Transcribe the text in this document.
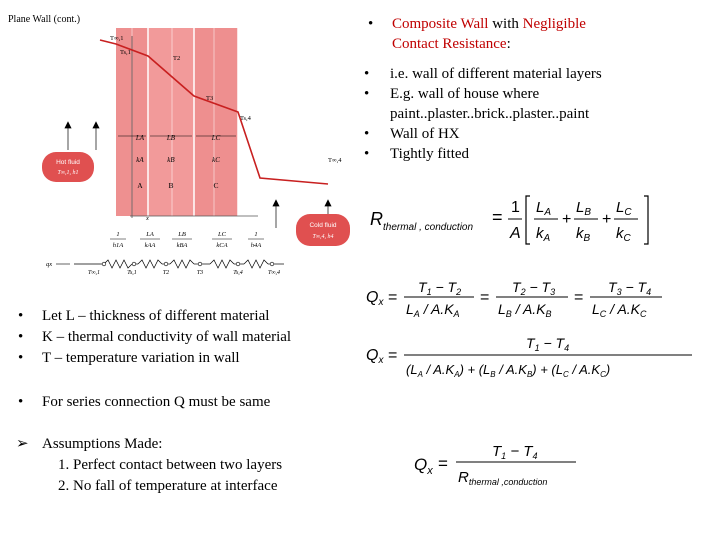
Plane Wall (cont.)	•	Composite Wall with Negligible
Contact Resistance:
• i.e. wall of different material layers
• E.g. wall of house where
paint..plaster..brick..plaster..paint
• Wall of HX
• Tightly fitted
T∞,1
Ts,1
T2
T3
Ts,4
T∞,4
LA	LB	LC
kA	kB	kC
A	B	C
Hot fluid
T∞,1, h1
Cold fluid
T∞,4, h4
x
1
h1A
LA
kAA
LB
kBA
LC
kCA
1
h4A
qx
T∞,1	Ts,1	T2	T3	Ts,4	T∞,4
R thermal , conduction
= 1
A
$L_A$
$k_A$
+
$L_B$
$k_B$
+
$L_C$
$k_C$
Qx =
$T_1 - T_2$
$L_A / A.K_A$
=
$T_2 - T_3$
$L_B / A.K_B$
=
$T_3 - T_4$
$L_C / A.K_C$
Qx =
$T_1 - T_4$
$(L_A / A.K_A) + (L_B / A.K_B) + (L_C / A.K_C)$
• Let L – thickness of different material
• K – thermal conductivity of wall material
• T – temperature variation in wall
• For series connection Q must be same
➢ Assumptions Made:
1. Perfect contact between two layers
2. No fall of temperature at interface
$Q_x$ =
$T_1 - T_4$
$R_{thermal ,conduction}$
